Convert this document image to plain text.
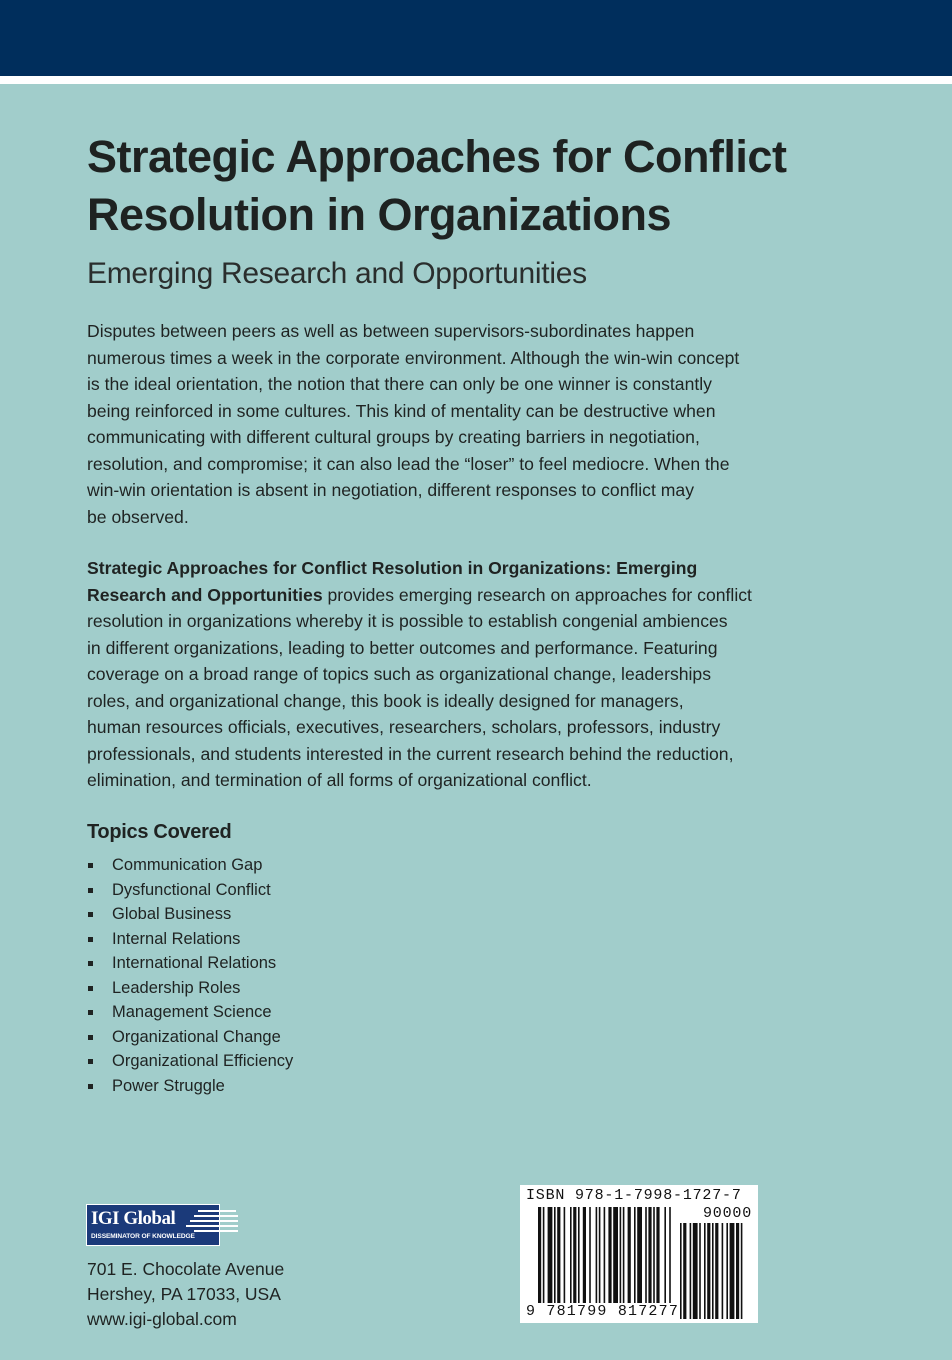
Strategic Approaches for Conflict
Resolution in Organizations
Emerging Research and Opportunities

Disputes between peers as well as between supervisors-subordinates happen
numerous times a week in the corporate environment. Although the win-win concept
is the ideal orientation, the notion that there can only be one winner is constantly
being reinforced in some cultures. This kind of mentality can be destructive when
communicating with different cultural groups by creating barriers in negotiation,
resolution, and compromise; it can also lead the “loser” to feel mediocre. When the
win-win orientation is absent in negotiation, different responses to conflict may
be observed.

Strategic Approaches for Conflict Resolution in Organizations: Emerging
Research and Opportunities provides emerging research on approaches for conflict
resolution in organizations whereby it is possible to establish congenial ambiences
in different organizations, leading to better outcomes and performance. Featuring
coverage on a broad range of topics such as organizational change, leaderships
roles, and organizational change, this book is ideally designed for managers,
human resources officials, executives, researchers, scholars, professors, industry
professionals, and students interested in the current research behind the reduction,
elimination, and termination of all forms of organizational conflict.

Topics Covered
Communication Gap
Dysfunctional Conflict
Global Business
Internal Relations
International Relations
Leadership Roles
Management Science
Organizational Change
Organizational Efficiency
Power Struggle
IGI Global
DISSEMINATOR OF KNOWLEDGE

701 E. Chocolate Avenue
Hershey, PA 17033, USA
www.igi-global.com

ISBN 978-1-7998-1727-7
90000
9 781799 817277
